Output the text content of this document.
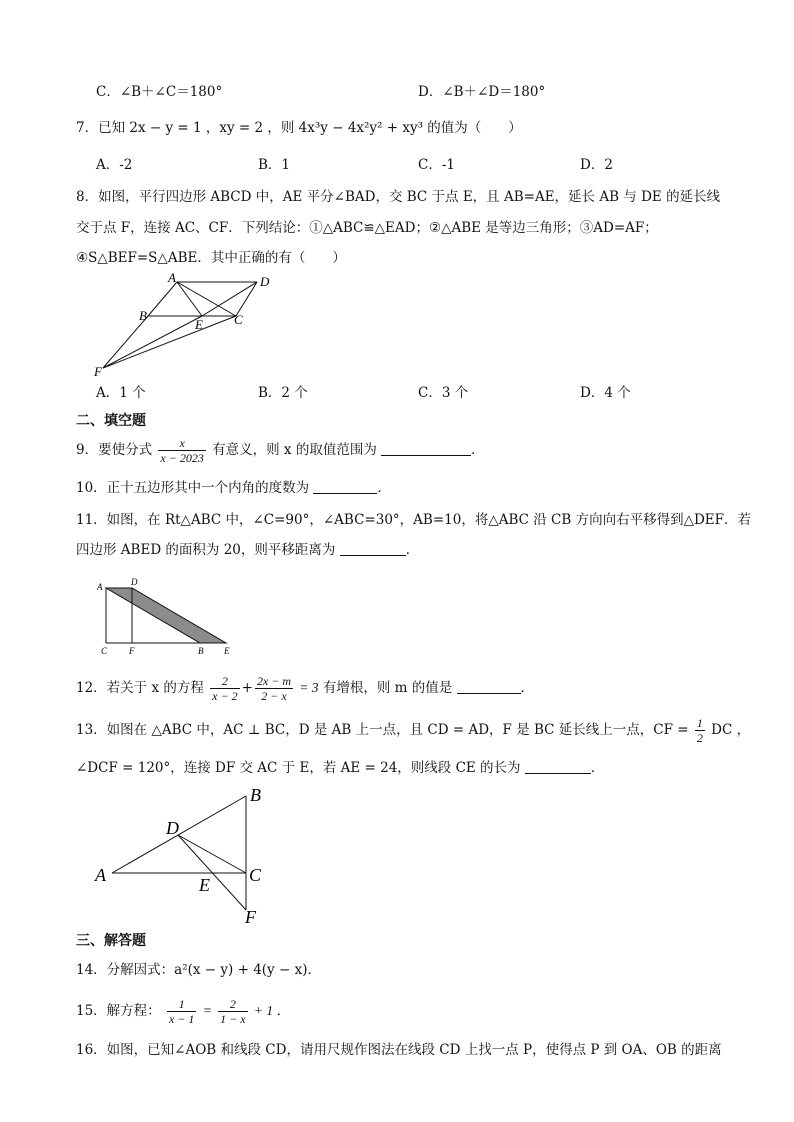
C．∠B＋∠C＝180°	D．∠B＋∠D＝180°
7．已知 2x − y = 1 ，xy = 2 ，则 4x³y − 4x²y² + xy³ 的值为（　　）
A．-2	B．1	C．-1	D．2
8．如图，平行四边形 ABCD 中，AE 平分∠BAD，交 BC 于点 E，且 AB=AE，延长 AB 与 DE 的延长线
交于点 F，连接 AC、CF．下列结论：①△ABC≌△EAD；②△ABE 是等边三角形；③AD=AF；
④S△BEF=S△ABE．其中正确的有（　　）
A	D
B
E C
F
A．1 个	B．2 个	C．3 个	D．4 个
二、填空题
9．要使分式 $\frac{x}{x - 2023}$ 有意义，则 x 的取值范围为	．
10．正十五边形其中一个内角的度数为	．
11．如图，在 Rt△ABC 中，∠C=90°，∠ABC=30°，AB=10，将△ABC 沿 CB 方向向右平移得到△DEF．若
四边形 ABED 的面积为 20，则平移距离为	．
A	D
C F	B E
12．若关于 x 的方程 $\frac{2}{x - 2} + \frac{2x - m}{2 - x} = 3$ 有增根，则 m 的值是	．
13．如图在 △ABC 中，AC ⊥ BC，D 是 AB 上一点，且 CD = AD，F 是 BC 延长线上一点，CF = $\frac{1}{2}$ DC ，
∠DCF = 120°，连接 DF 交 AC 于 E，若 AE = 24，则线段 CE 的长为	．
B
D
A	C
E
F
三、解答题
14．分解因式：a²(x − y) + 4(y − x)．
15．解方程： $\frac{1}{x - 1} = \frac{2}{1 - x} + 1$ ．
16．如图，已知∠AOB 和线段 CD，请用尺规作图法在线段 CD 上找一点 P，使得点 P 到 OA、OB 的距离
